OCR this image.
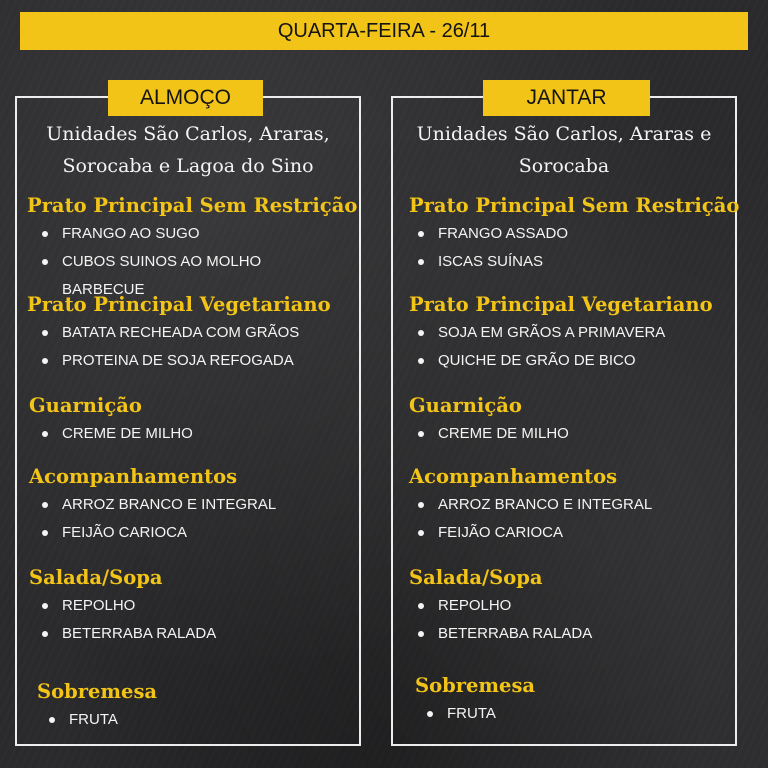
QUARTA-FEIRA - 26/11
ALMOÇO
Unidades São Carlos, Araras, Sorocaba e Lagoa do Sino
Prato Principal Sem Restrição
FRANGO AO SUGO
CUBOS SUINOS AO MOLHO BARBECUE
Prato Principal Vegetariano
BATATA RECHEADA COM GRÃOS
PROTEINA DE SOJA REFOGADA
Guarnição
CREME DE MILHO
Acompanhamentos
ARROZ BRANCO E INTEGRAL
FEIJÃO CARIOCA
Salada/Sopa
REPOLHO
BETERRABA RALADA
Sobremesa
FRUTA
JANTAR
Unidades São Carlos, Araras e Sorocaba
Prato Principal Sem Restrição
FRANGO ASSADO
ISCAS SUÍNAS
Prato Principal Vegetariano
SOJA EM GRÃOS A PRIMAVERA
QUICHE DE GRÃO DE BICO
Guarnição
CREME DE MILHO
Acompanhamentos
ARROZ BRANCO E INTEGRAL
FEIJÃO CARIOCA
Salada/Sopa
REPOLHO
BETERRABA RALADA
Sobremesa
FRUTA
